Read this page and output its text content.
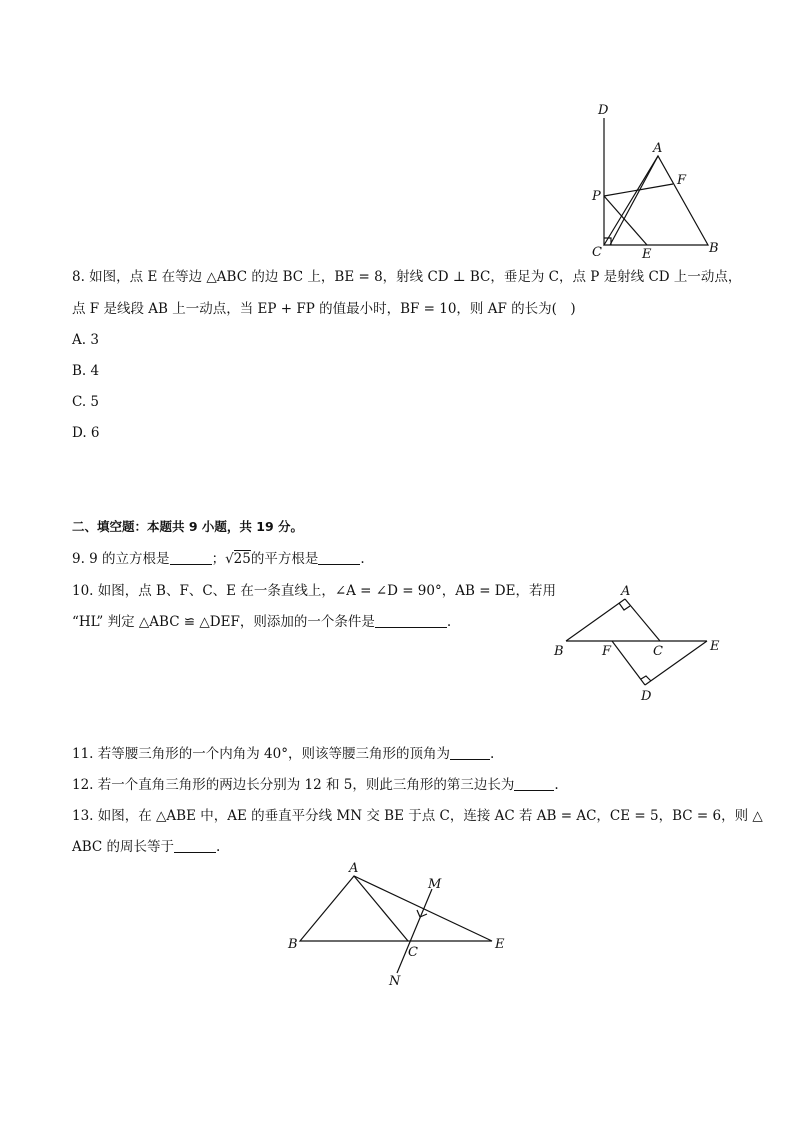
D
A
F
P
C	E	B
8. 如图，点 E 在等边 △ABC 的边 BC 上，BE = 8，射线 CD ⊥ BC，垂足为 C，点 P 是射线 CD 上一动点，
点 F 是线段 AB 上一动点，当 EP + FP 的值最小时，BF = 10，则 AF 的长为(　)
A. 3
B. 4
C. 5
D. 6
二、填空题：本题共 9 小题，共 19 分。
9. 9 的立方根是	；√25的平方根是	.
10. 如图，点 B、F、C、E 在一条直线上，∠A = ∠D = 90°，AB = DE，若用
“HL” 判定 △ABC ≌ △DEF，则添加的一个条件是	.
A
B	F	C	E
D
11. 若等腰三角形的一个内角为 40°，则该等腰三角形的顶角为	.
12. 若一个直角三角形的两边长分别为 12 和 5，则此三角形的第三边长为	.
13. 如图，在 △ABE 中，AE 的垂直平分线 MN 交 BE 于点 C，连接 AC 若 AB = AC，CE = 5，BC = 6，则 △
ABC 的周长等于	.
A
M
B
C
E
N
